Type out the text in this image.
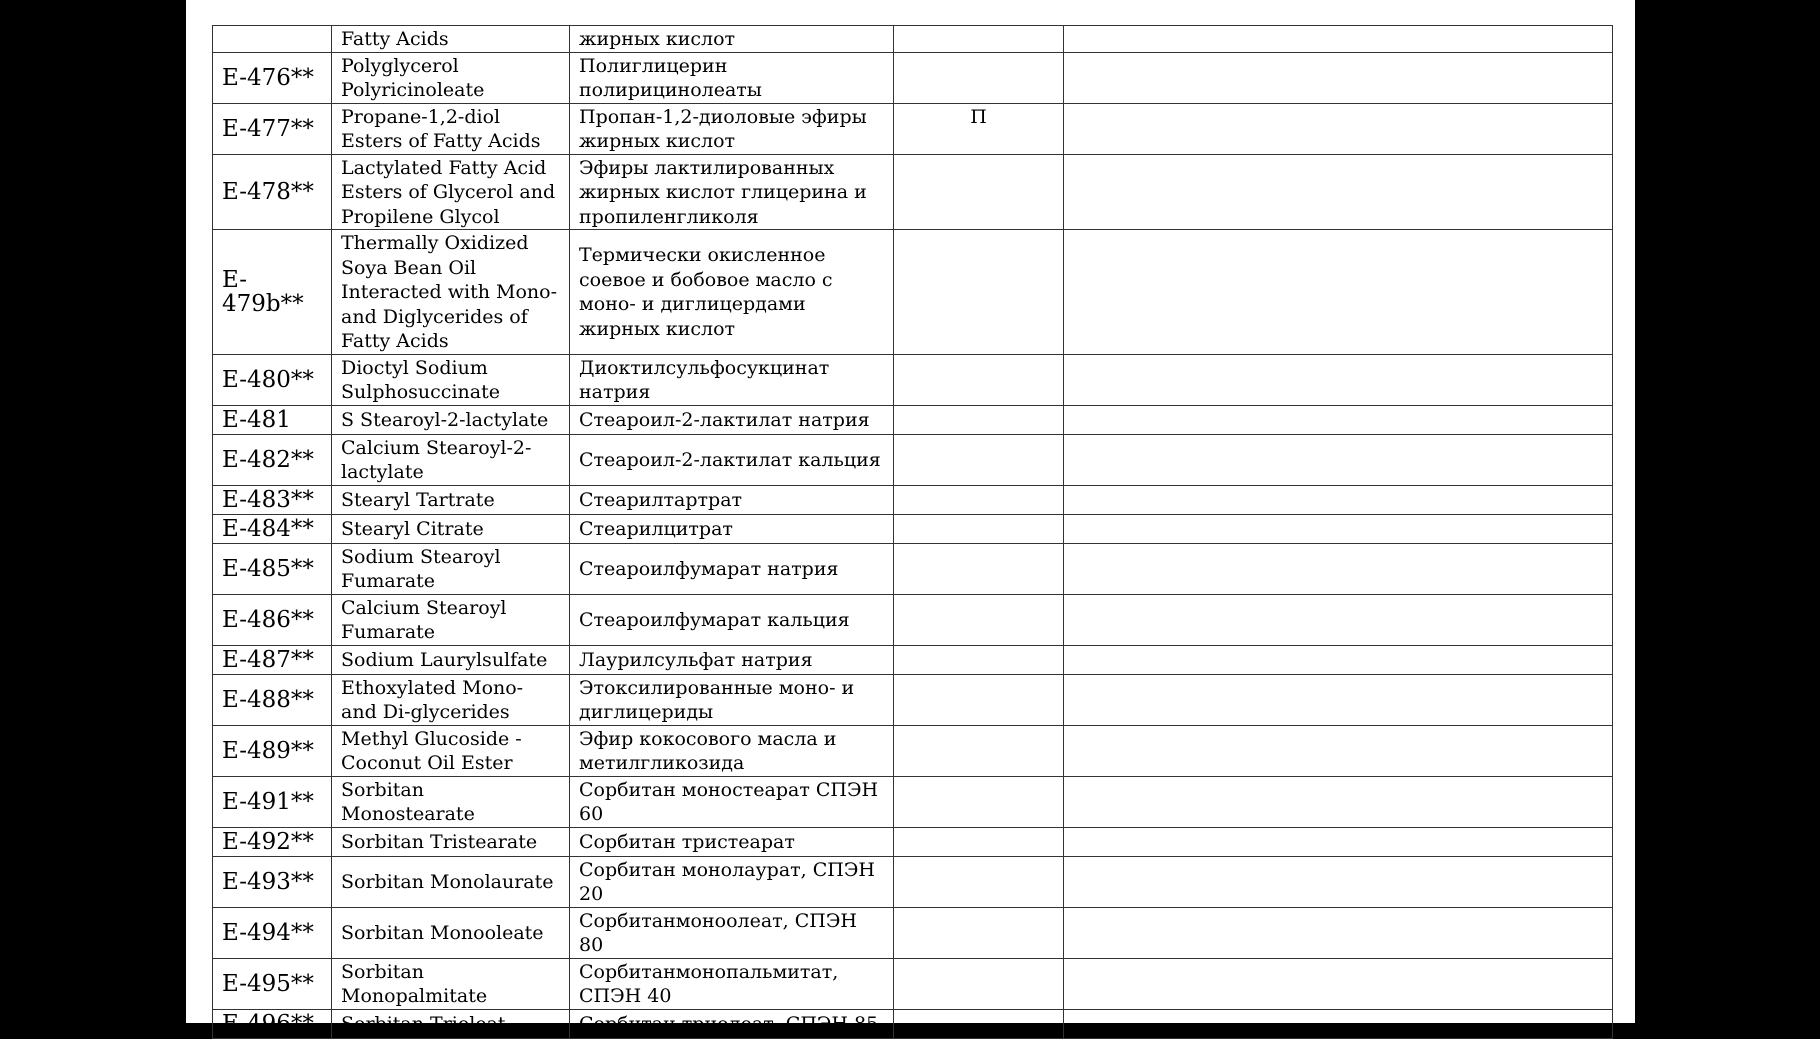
	Fatty Acids	жирных кислот		
E-476**	Polyglycerol Polyricinoleate	Полиглицерин полирицинолеаты		
E-477**	Propane-1,2-diol Esters of Fatty Acids	Пропан-1,2-диоловые эфиры жирных кислот	П	
E-478**	Lactylated Fatty Acid Esters of Glycerol and Propilene Glycol	Эфиры лактилированных жирных кислот глицерина и пропиленгликоля		
E-479b**	Thermally Oxidized Soya Bean Oil Interacted with Mono- and Diglycerides of Fatty Acids	Термически окисленное соевое и бобовое масло с моно- и диглицердами жирных кислот		
E-480**	Dioctyl Sodium Sulphosuccinate	Диоктилсульфосукцинат натрия		
E-481	S Stearoyl-2-lactylate	Стеароил-2-лактилат натрия		
E-482**	Calcium Stearoyl-2-lactylate	Стеароил-2-лактилат кальция		
E-483**	Stearyl Tartrate	Стеарилтартрат		
E-484**	Stearyl Citrate	Стеарилцитрат		
E-485**	Sodium Stearoyl Fumarate	Стеароилфумарат натрия		
E-486**	Calcium Stearoyl Fumarate	Стеароилфумарат кальция		
E-487**	Sodium Laurylsulfate	Лаурилсульфат натрия		
E-488**	Ethoxylated Mono- and Di-glycerides	Этоксилированные моно- и диглицериды		
E-489**	Methyl Glucoside - Coconut Oil Ester	Эфир кокосового масла и метилгликозида		
E-491**	Sorbitan Monostearate	Сорбитан моностеарат СПЭН 60		
E-492**	Sorbitan Tristearate	Сорбитан тристеарат		
E-493**	Sorbitan Monolaurate	Сорбитан монолаурат, СПЭН 20		
E-494**	Sorbitan Monooleate	Сорбитанмоноолеат, СПЭН 80		
E-495**	Sorbitan Monopalmitate	Сорбитанмонопальмитат, СПЭН 40		
E-496**	Sorbitan Trioleat	Сорбитан триолеат, СПЭН 85		
